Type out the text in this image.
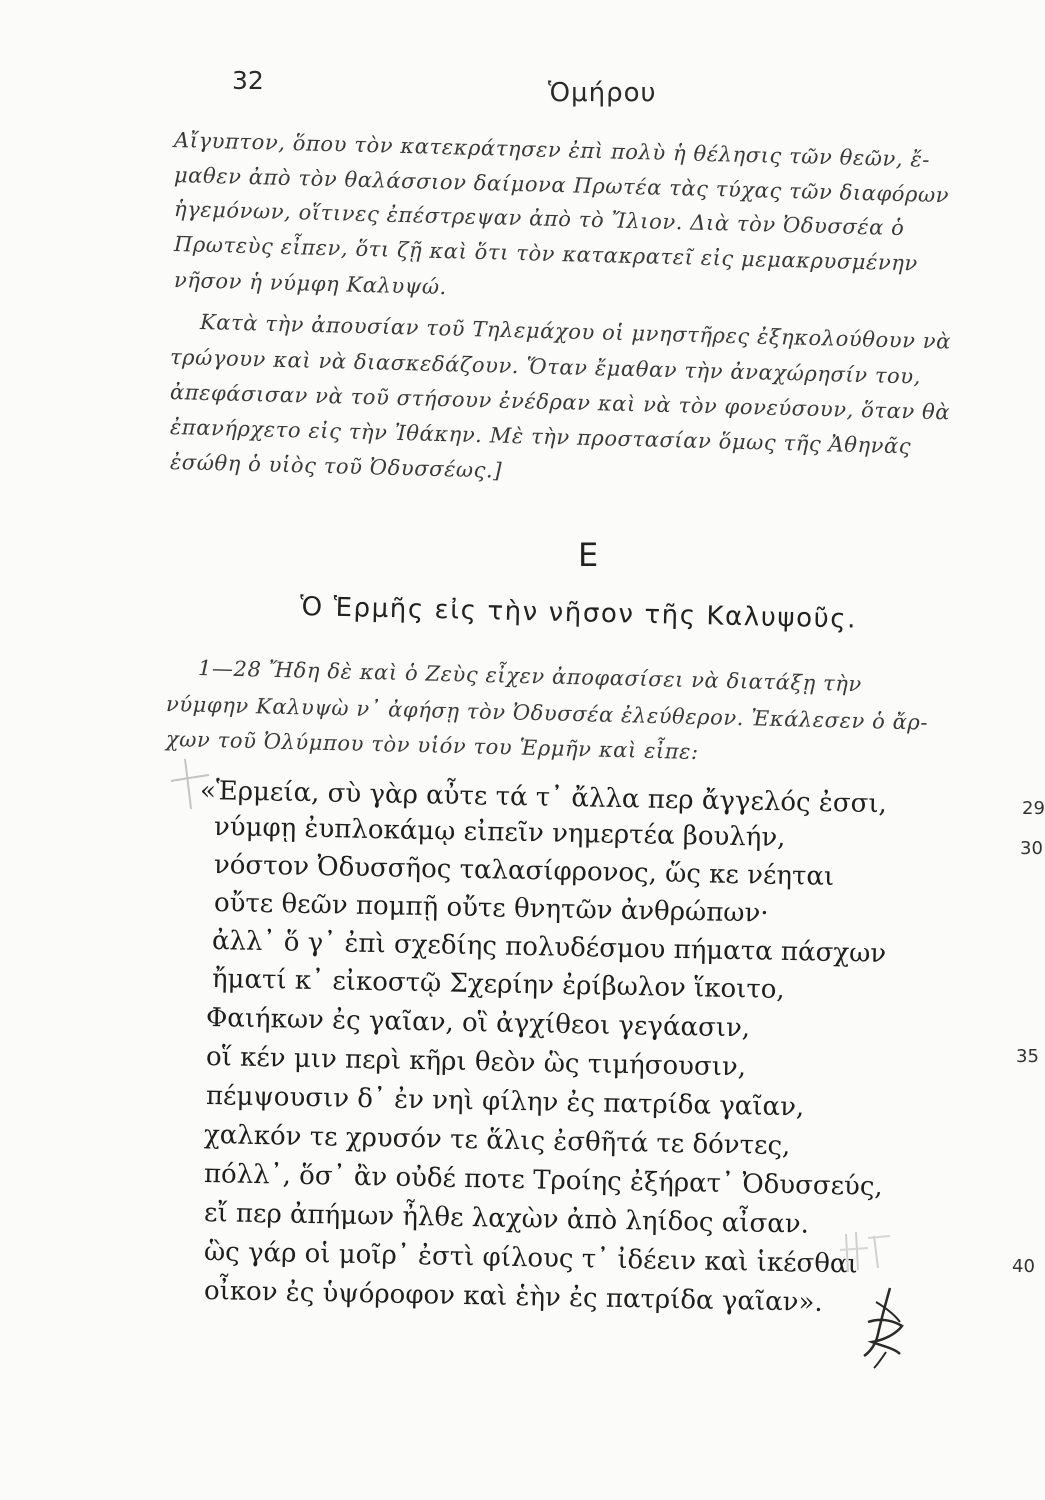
32	Ὁμήρου
Αἴγυπτον, ὅπου τὸν κατεκράτησεν ἐπὶ πολὺ ἡ θέλησις τῶν θεῶν, ἔ-
μαθεν ἀπὸ τὸν θαλάσσιον δαίμονα Πρωτέα τὰς τύχας τῶν διαφόρων
ἡγεμόνων, οἵτινες ἐπέστρεψαν ἀπὸ τὸ Ἴλιον. Διὰ τὸν Ὀδυσσέα ὁ
Πρωτεὺς εἶπεν, ὅτι ζῇ καὶ ὅτι τὸν κατακρατεῖ εἰς μεμακρυσμένην
νῆσον ἡ νύμφη Καλυψώ.
Κατὰ τὴν ἀπουσίαν τοῦ Τηλεμάχου οἱ μνηστῆρες ἐξηκολούθουν νὰ
τρώγουν καὶ νὰ διασκεδάζουν. Ὅταν ἔμαθαν τὴν ἀναχώρησίν του,
ἀπεφάσισαν νὰ τοῦ στήσουν ἐνέδραν καὶ νὰ τὸν φονεύσουν, ὅταν θὰ
ἐπανήρχετο εἰς τὴν Ἰθάκην. Μὲ τὴν προστασίαν ὅμως τῆς Ἀθηνᾶς
ἐσώθη ὁ υἱὸς τοῦ Ὀδυσσέως.]
Ε
Ὁ Ἑρμῆς εἰς τὴν νῆσον τῆς Καλυψοῦς.
1—28 Ἤδη δὲ καὶ ὁ Ζεὺς εἶχεν ἀποφασίσει νὰ διατάξῃ τὴν
νύμφην Καλυψὼ ν᾽ ἀφήσῃ τὸν Ὀδυσσέα ἐλεύθερον. Ἐκάλεσεν ὁ ἄρ-
χων τοῦ Ὀλύμπου τὸν υἱόν του Ἑρμῆν καὶ εἶπε:
«Ἑρμεία, σὺ γὰρ αὖτε τά τ᾽ ἄλλα περ ἄγγελός ἐσσι,
νύμφῃ ἐυπλοκάμῳ εἰπεῖν νημερτέα βουλήν,
νόστον Ὀδυσσῆος ταλασίφρονος, ὥς κε νέηται
οὔτε θεῶν πομπῇ οὔτε θνητῶν ἀνθρώπων·
ἀλλ᾽ ὅ γ᾽ ἐπὶ σχεδίης πολυδέσμου πήματα πάσχων
ἤματί κ᾽ εἰκοστῷ Σχερίην ἐρίβωλον ἵκοιτο,
Φαιήκων ἐς γαῖαν, οἳ ἀγχίθεοι γεγάασιν,
οἵ κέν μιν περὶ κῆρι θεὸν ὣς τιμήσουσιν,
πέμψουσιν δ᾽ ἐν νηὶ φίλην ἐς πατρίδα γαῖαν,
χαλκόν τε χρυσόν τε ἅλις ἐσθῆτά τε δόντες,
πόλλ᾽, ὅσ᾽ ἂν οὐδέ ποτε Τροίης ἐξήρατ᾽ Ὀδυσσεύς,
εἴ περ ἀπήμων ἦλθε λαχὼν ἀπὸ ληίδος αἶσαν.
ὣς γάρ οἱ μοῖρ᾽ ἐστὶ φίλους τ᾽ ἰδέειν καὶ ἱκέσθαι
οἶκον ἐς ὑψόροφον καὶ ἑὴν ἐς πατρίδα γαῖαν».
29
30
35
40
